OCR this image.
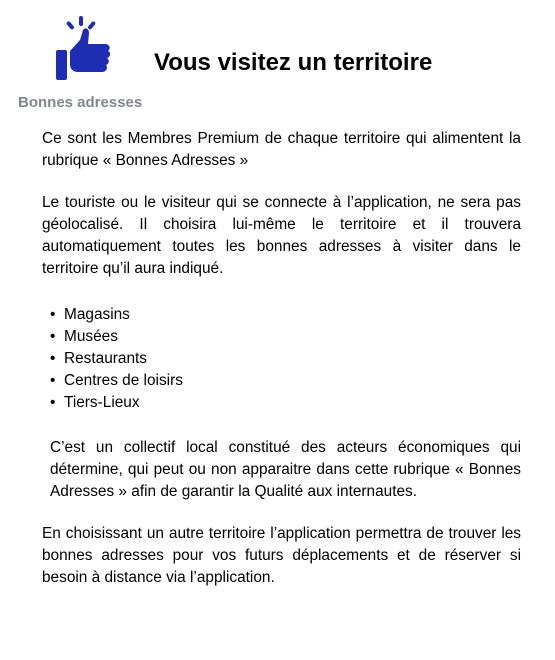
Vous visitez un territoire
Bonnes adresses

Ce sont les Membres Premium de chaque territoire qui alimentent la rubrique « Bonnes Adresses »

Le touriste ou le visiteur qui se connecte à l’application, ne sera pas géolocalisé. Il choisira lui-même le territoire et il trouvera automatiquement toutes les bonnes adresses à visiter dans le territoire qu’il aura indiqué.

• Magasins
• Musées
• Restaurants
• Centres de loisirs
• Tiers-Lieux

C’est un collectif local constitué des acteurs économiques qui détermine, qui peut ou non apparaitre dans cette rubrique « Bonnes Adresses » afin de garantir la Qualité aux internautes.

En choisissant un autre territoire l’application permettra de trouver les bonnes adresses pour vos futurs déplacements et de réserver si besoin à distance via l’application.
